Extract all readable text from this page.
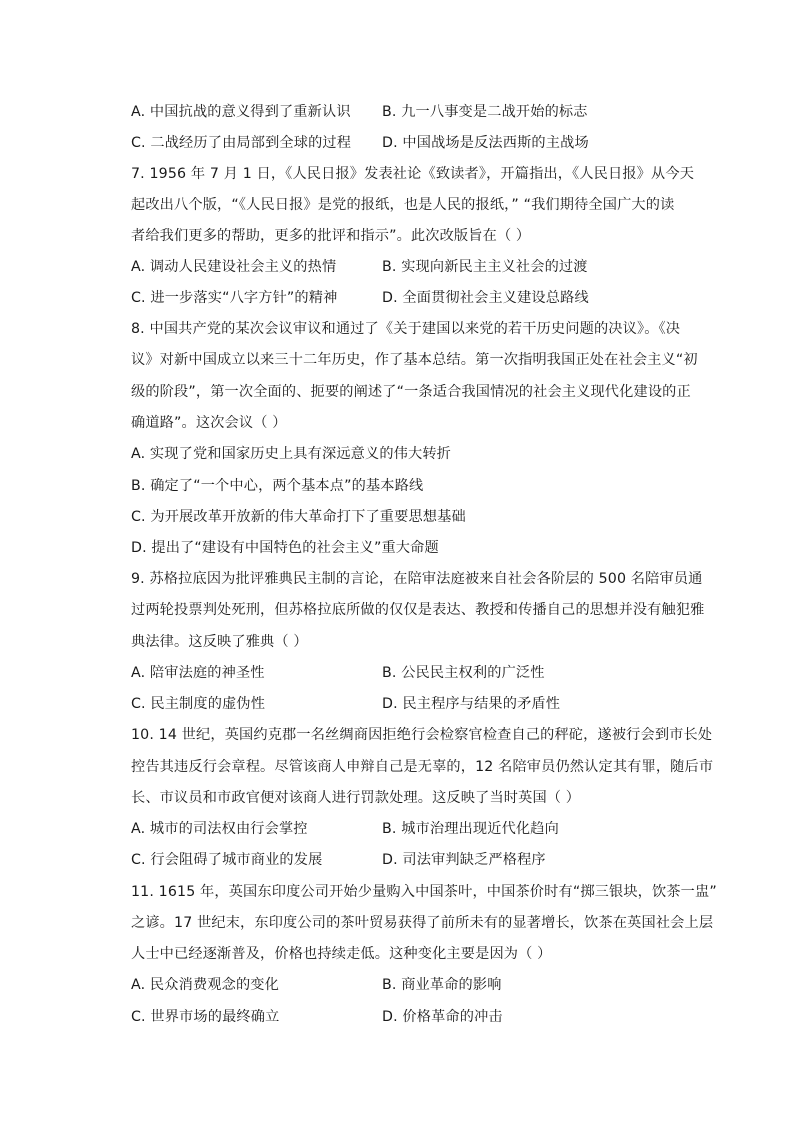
A. 中国抗战的意义得到了重新认识 B. 九一八事变是二战开始的标志
C. 二战经历了由局部到全球的过程 D. 中国战场是反法西斯的主战场
7. 1956 年 7 月 1 日，《人民日报》发表社论《致读者》，开篇指出，《人民日报》从今天
起改出八个版，“《人民日报》是党的报纸，也是人民的报纸，” “我们期待全国广大的读
者给我们更多的帮助，更多的批评和指示”。此次改版旨在（ ）
A. 调动人民建设社会主义的热情	B. 实现向新民主主义社会的过渡
C. 进一步落实“八字方针”的精神	D. 全面贯彻社会主义建设总路线
8. 中国共产党的某次会议审议和通过了《关于建国以来党的若干历史问题的决议》。《决
议》对新中国成立以来三十二年历史，作了基本总结。第一次指明我国正处在社会主义“初
级的阶段”，第一次全面的、扼要的阐述了“一条适合我国情况的社会主义现代化建设的正
确道路”。这次会议（ ）
A. 实现了党和国家历史上具有深远意义的伟大转折
B. 确定了“一个中心，两个基本点”的基本路线
C. 为开展改革开放新的伟大革命打下了重要思想基础
D. 提出了“建设有中国特色的社会主义”重大命题
9. 苏格拉底因为批评雅典民主制的言论，在陪审法庭被来自社会各阶层的 500 名陪审员通
过两轮投票判处死刑，但苏格拉底所做的仅仅是表达、教授和传播自己的思想并没有触犯雅
典法律。这反映了雅典（ ）
A. 陪审法庭的神圣性	B. 公民民主权利的广泛性
C. 民主制度的虚伪性	D. 民主程序与结果的矛盾性
10. 14 世纪，英国约克郡一名丝绸商因拒绝行会检察官检查自己的秤砣，遂被行会到市长处
控告其违反行会章程。尽管该商人申辩自己是无辜的，12 名陪审员仍然认定其有罪，随后市
长、市议员和市政官便对该商人进行罚款处理。这反映了当时英国（ ）
A. 城市的司法权由行会掌控	B. 城市治理出现近代化趋向
C. 行会阻碍了城市商业的发展	D. 司法审判缺乏严格程序
11. 1615 年，英国东印度公司开始少量购入中国茶叶，中国茶价时有“掷三银块，饮茶一盅”
之谚。17 世纪末，东印度公司的茶叶贸易获得了前所未有的显著增长，饮茶在英国社会上层
人士中已经逐渐普及，价格也持续走低。这种变化主要是因为（ ）
A. 民众消费观念的变化	B. 商业革命的影响
C. 世界市场的最终确立	D. 价格革命的冲击
